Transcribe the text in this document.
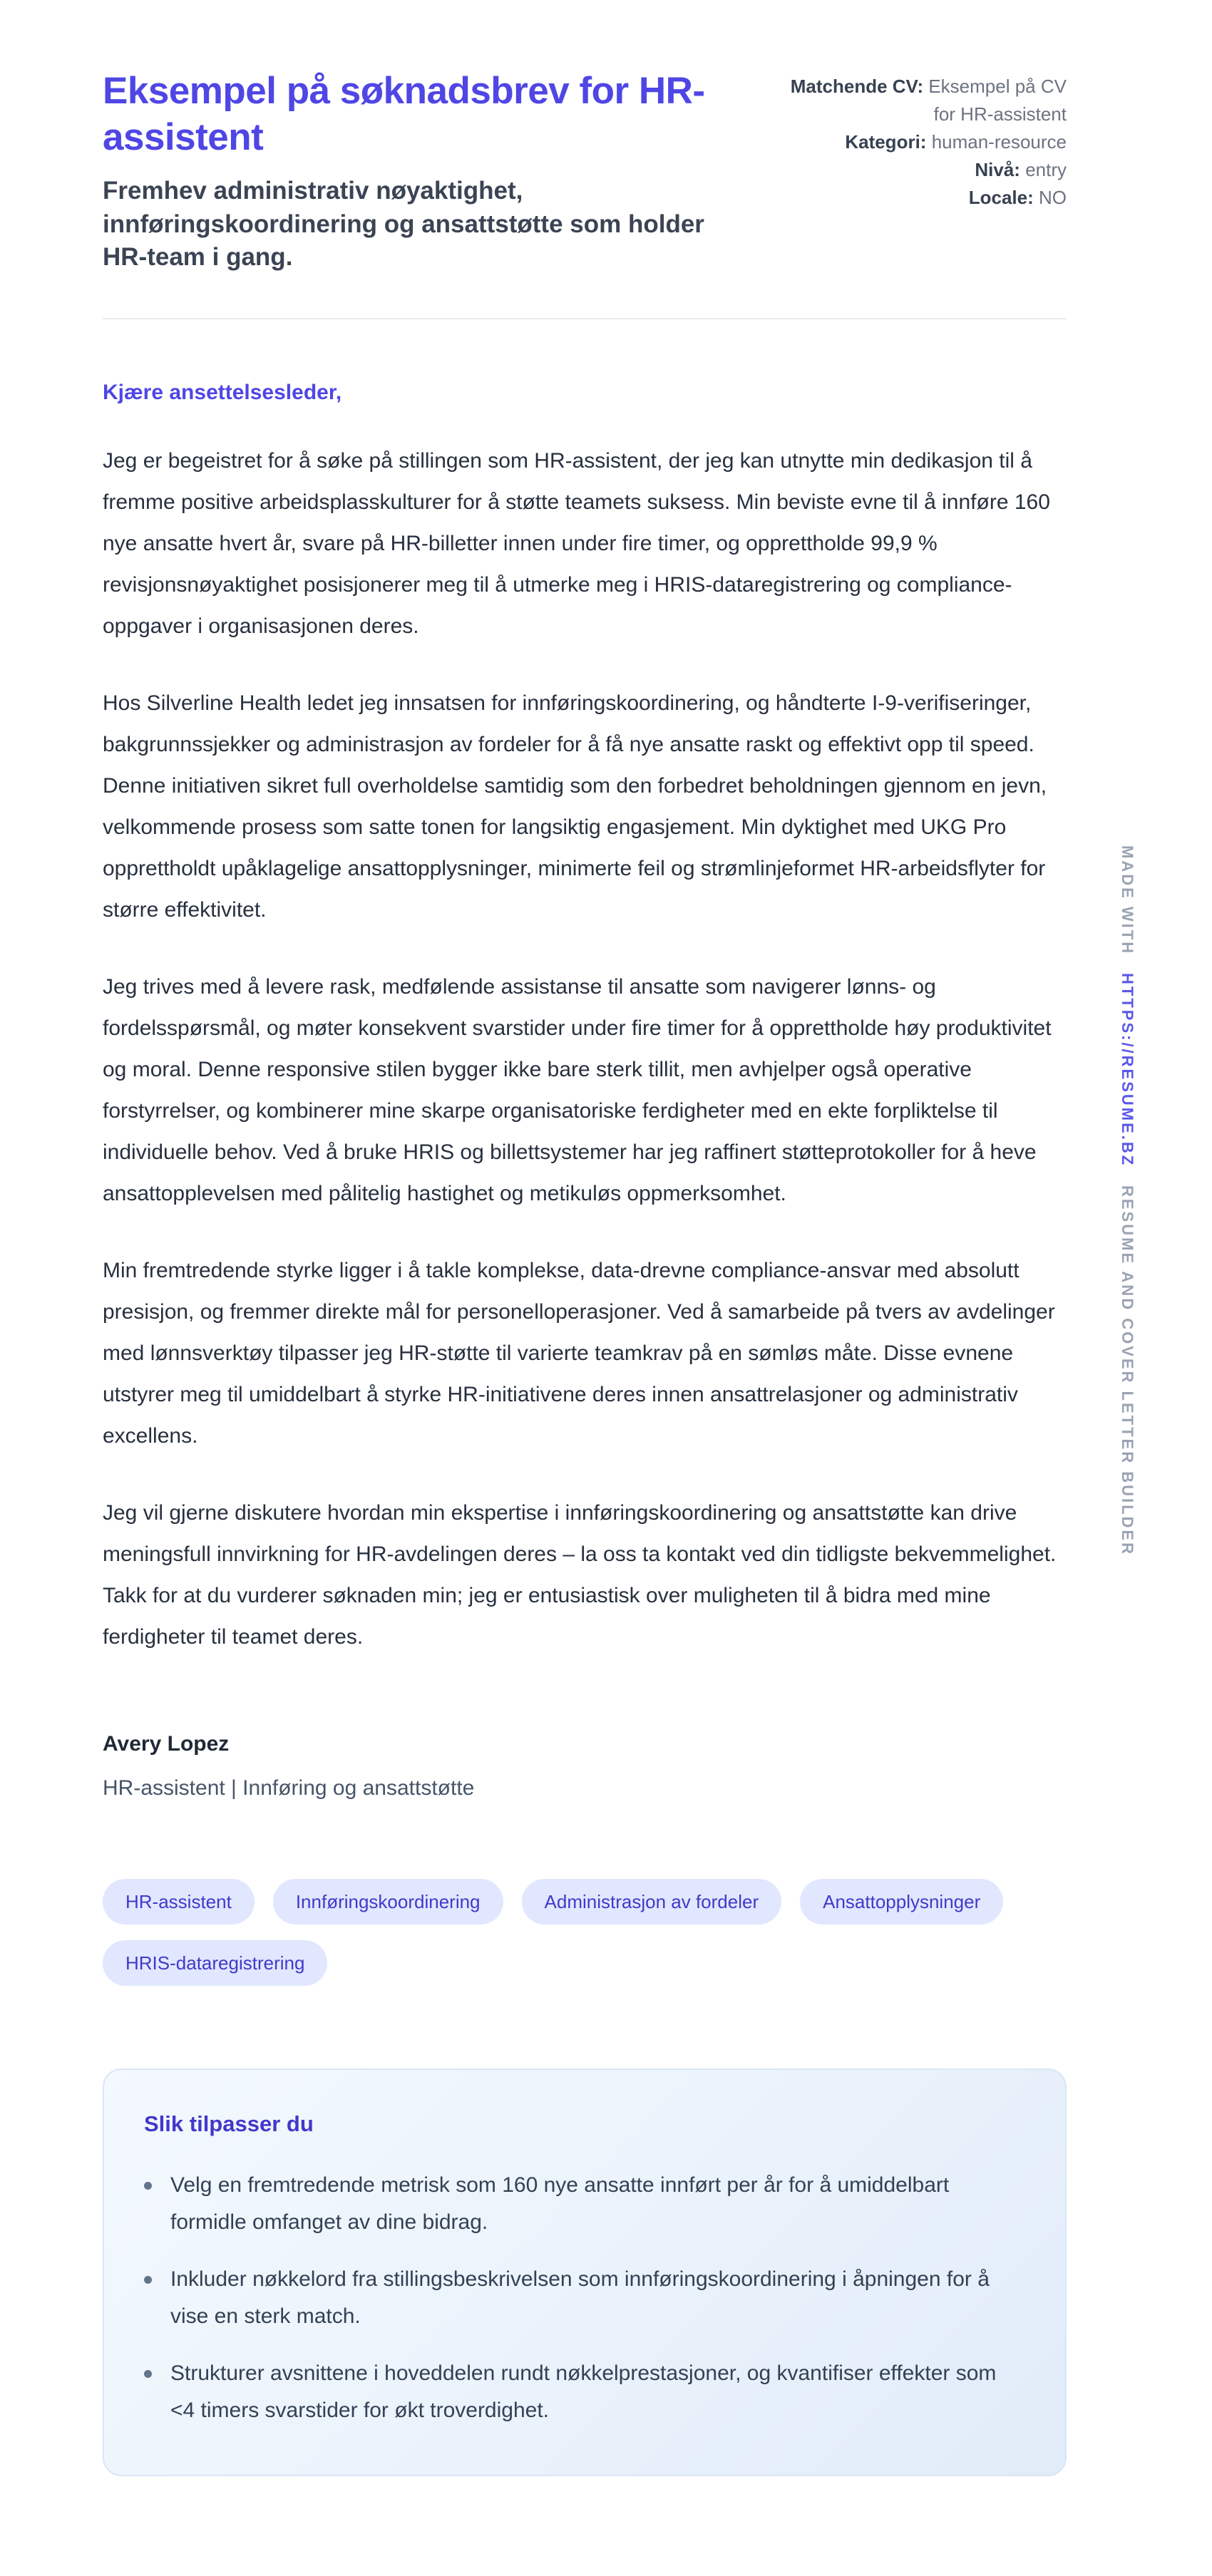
Eksempel på søknadsbrev for HR-assistent
Fremhev administrativ nøyaktighet, innføringskoordinering og ansattstøtte som holder HR-team i gang.
Matchende CV: Eksempel på CV for HR-assistent
Kategori: human-resource
Nivå: entry
Locale: NO

Kjære ansettelsesleder,

Jeg er begeistret for å søke på stillingen som HR-assistent, der jeg kan utnytte min dedikasjon til å fremme positive arbeidsplasskulturer for å støtte teamets suksess. Min beviste evne til å innføre 160 nye ansatte hvert år, svare på HR-billetter innen under fire timer, og opprettholde 99,9 % revisjonsnøyaktighet posisjonerer meg til å utmerke meg i HRIS-dataregistrering og compliance-oppgaver i organisasjonen deres.

Hos Silverline Health ledet jeg innsatsen for innføringskoordinering, og håndterte I-9-verifiseringer, bakgrunnssjekker og administrasjon av fordeler for å få nye ansatte raskt og effektivt opp til speed. Denne initiativen sikret full overholdelse samtidig som den forbedret beholdningen gjennom en jevn, velkommende prosess som satte tonen for langsiktig engasjement. Min dyktighet med UKG Pro opprettholdt upåklagelige ansattopplysninger, minimerte feil og strømlinjeformet HR-arbeidsflyter for større effektivitet.

Jeg trives med å levere rask, medfølende assistanse til ansatte som navigerer lønns- og fordelsspørsmål, og møter konsekvent svarstider under fire timer for å opprettholde høy produktivitet og moral. Denne responsive stilen bygger ikke bare sterk tillit, men avhjelper også operative forstyrrelser, og kombinerer mine skarpe organisatoriske ferdigheter med en ekte forpliktelse til individuelle behov. Ved å bruke HRIS og billettsystemer har jeg raffinert støtteprotokoller for å heve ansattopplevelsen med pålitelig hastighet og metikuløs oppmerksomhet.

Min fremtredende styrke ligger i å takle komplekse, data-drevne compliance-ansvar med absolutt presisjon, og fremmer direkte mål for personelloperasjoner. Ved å samarbeide på tvers av avdelinger med lønnsverktøy tilpasser jeg HR-støtte til varierte teamkrav på en sømløs måte. Disse evnene utstyrer meg til umiddelbart å styrke HR-initiativene deres innen ansattrelasjoner og administrativ excellens.

Jeg vil gjerne diskutere hvordan min ekspertise i innføringskoordinering og ansattstøtte kan drive meningsfull innvirkning for HR-avdelingen deres – la oss ta kontakt ved din tidligste bekvemmelighet. Takk for at du vurderer søknaden min; jeg er entusiastisk over muligheten til å bidra med mine ferdigheter til teamet deres.

Avery Lopez

HR-assistent | Innføring og ansattstøtte

HR-assistent	Innføringskoordinering	Administrasjon av fordeler	Ansattopplysninger
HRIS-dataregistrering
Slik tilpasser du
Velg en fremtredende metrisk som 160 nye ansatte innført per år for å umiddelbart formidle omfanget av dine bidrag.
Inkluder nøkkelord fra stillingsbeskrivelsen som innføringskoordinering i åpningen for å vise en sterk match.
Strukturer avsnittene i hoveddelen rundt nøkkelprestasjoner, og kvantifiser effekter som <4 timers svarstider for økt troverdighet.
MADE WITH HTTPS://RESUME.BZ RESUME AND COVER LETTER BUILDER
